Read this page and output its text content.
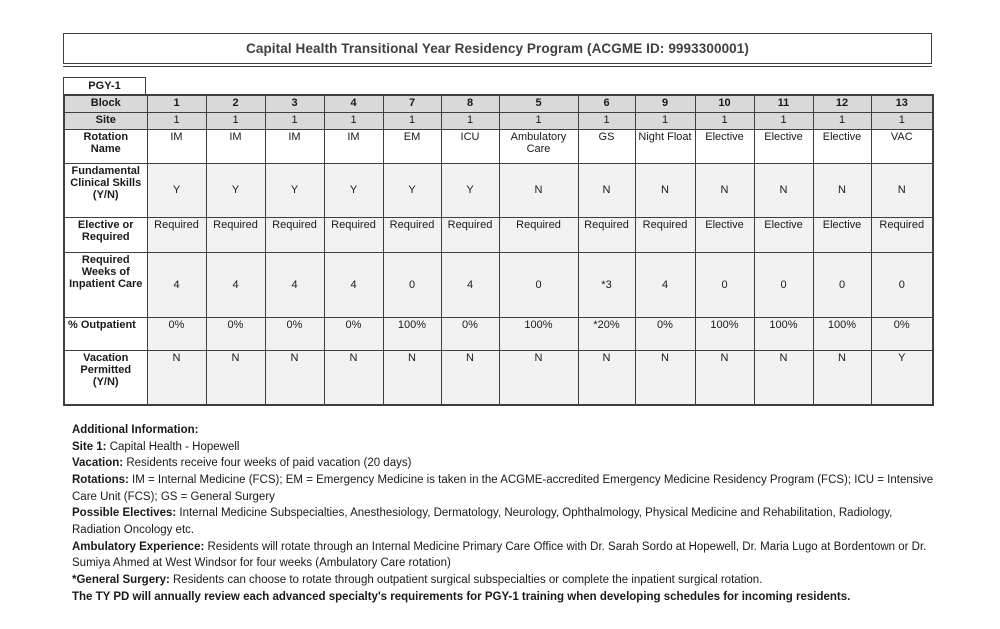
Capital Health Transitional Year Residency Program (ACGME ID: 9993300001)
PGY-1
Block	1	2	3	4	7	8	5	6	9	10	11	12	13
Site	1	1	1	1	1	1	1	1	1	1	1	1	1
Rotation Name	IM	IM	IM	IM	EM	ICU	Ambulatory Care	GS	Night Float	Elective	Elective	Elective	VAC
Fundamental Clinical Skills (Y/N)	Y	Y	Y	Y	Y	Y	N	N	N	N	N	N	N
Elective or Required	Required	Required	Required	Required	Required	Required	Required	Required	Required	Elective	Elective	Elective	Required
Required Weeks of Inpatient Care	4	4	4	4	0	4	0	*3	4	0	0	0	0
% Outpatient	0%	0%	0%	0%	100%	0%	100%	*20%	0%	100%	100%	100%	0%
Vacation Permitted (Y/N)	N	N	N	N	N	N	N	N	N	N	N	N	Y
Additional Information:
Site 1: Capital Health - Hopewell
Vacation: Residents receive four weeks of paid vacation (20 days)
Rotations: IM = Internal Medicine (FCS); EM = Emergency Medicine is taken in the ACGME-accredited Emergency Medicine Residency Program (FCS); ICU = Intensive Care Unit (FCS); GS = General Surgery
Possible Electives: Internal Medicine Subspecialties, Anesthesiology, Dermatology, Neurology, Ophthalmology, Physical Medicine and Rehabilitation, Radiology, Radiation Oncology etc.
Ambulatory Experience: Residents will rotate through an Internal Medicine Primary Care Office with Dr. Sarah Sordo at Hopewell, Dr. Maria Lugo at Bordentown or Dr. Sumiya Ahmed at West Windsor for four weeks (Ambulatory Care rotation)
*General Surgery: Residents can choose to rotate through outpatient surgical subspecialties or complete the inpatient surgical rotation.
The TY PD will annually review each advanced specialty's requirements for PGY-1 training when developing schedules for incoming residents.
